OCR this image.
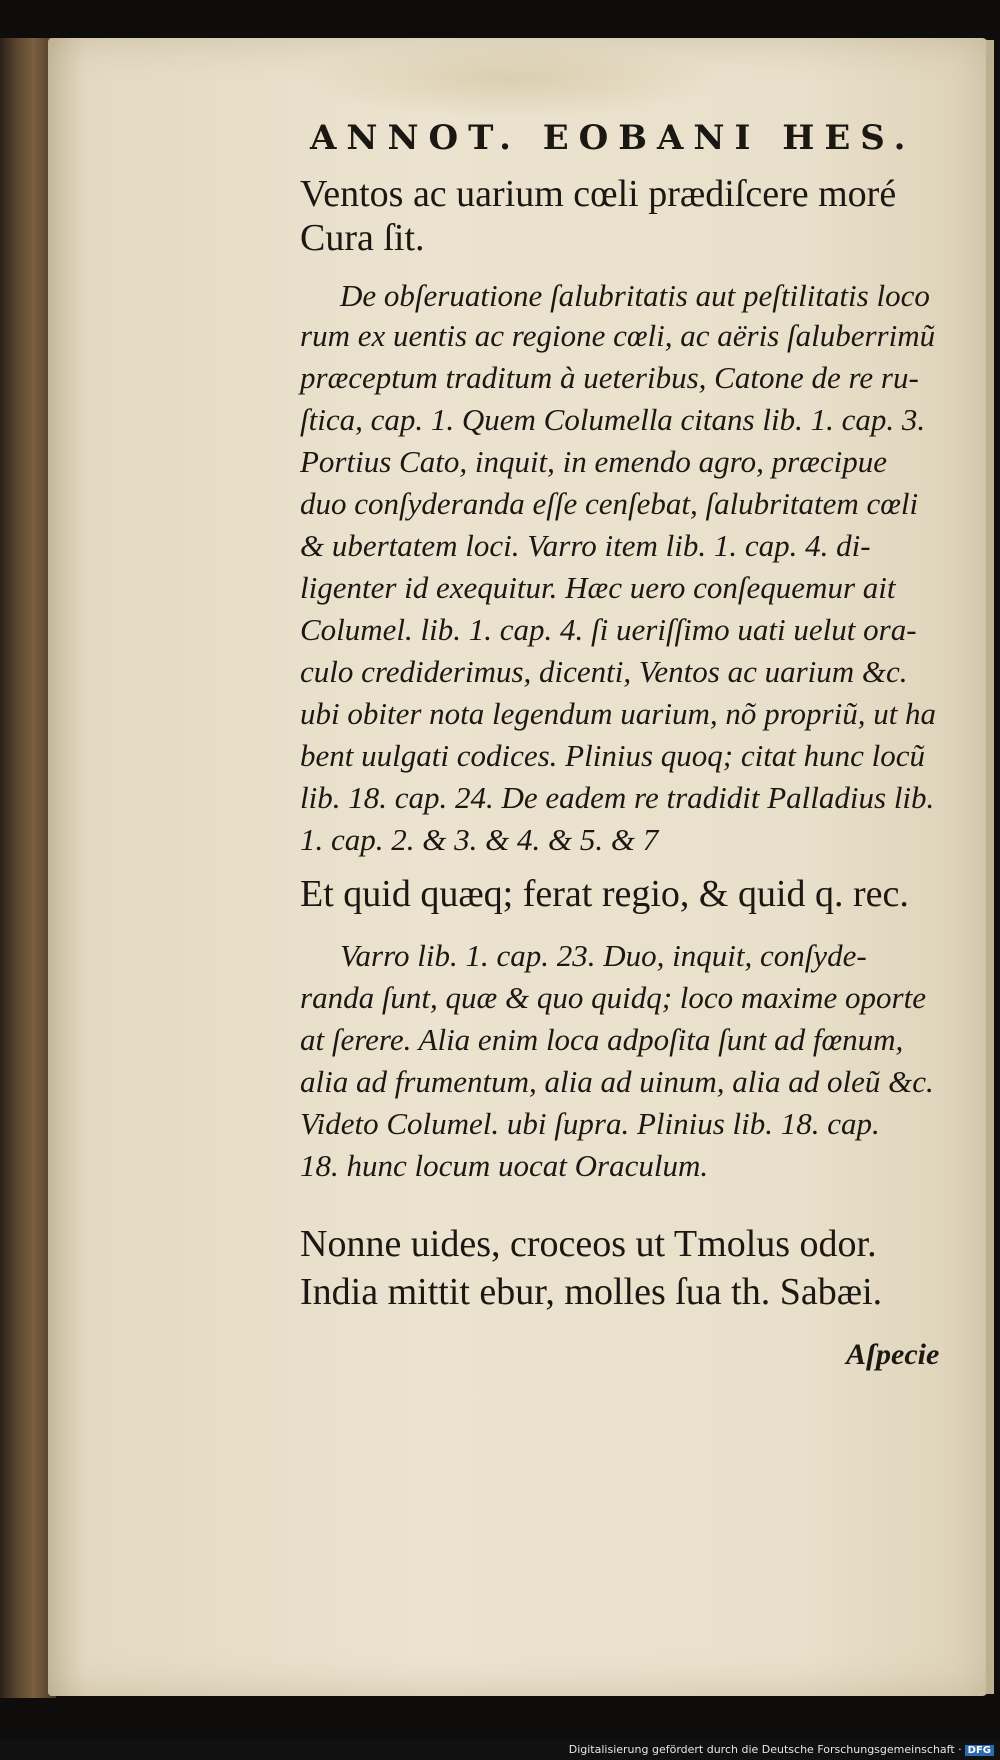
ANNOT. EOBANI HES.
Ventos ac uarium cœli prædiſcere moré
Cura ſit.
De obſeruatione ſalubritatis aut peſtilitatis loco
rum ex uentis ac regione cœli, ac aëris ſaluberrimũ
præceptum traditum à ueteribus, Catone de re ru-
ſtica, cap. 1. Quem Columella citans lib. 1. cap. 3.
Portius Cato, inquit, in emendo agro, præcipue
duo conſyderanda eſſe cenſebat, ſalubritatem cœli
& ubertatem loci. Varro item lib. 1. cap. 4. di-
ligenter id exequitur. Hæc uero conſequemur ait
Columel. lib. 1. cap. 4. ſi ueriſſimo uati uelut ora-
culo crediderimus, dicenti, Ventos ac uarium &c.
ubi obiter nota legendum uarium, nõ propriũ, ut ha
bent uulgati codices. Plinius quoq; citat hunc locũ
lib. 18. cap. 24. De eadem re tradidit Palladius lib.
1. cap. 2. & 3. & 4. & 5. & 7
Et quid quæq; ferat regio, & quid q. rec.
Varro lib. 1. cap. 23. Duo, inquit, conſyde-
randa ſunt, quæ & quo quidq; loco maxime oporte
at ſerere. Alia enim loca adpoſita ſunt ad fœnum,
alia ad frumentum, alia ad uinum, alia ad oleũ &c.
Videto Columel. ubi ſupra. Plinius lib. 18. cap.
18. hunc locum uocat Oraculum.
Nonne uides, croceos ut Tmolus odor.
India mittit ebur, molles ſua th. Sabæi.
Aſpecie
Digitalisierung gefördert durch die Deutsche Forschungsgemeinschaft · DFG
